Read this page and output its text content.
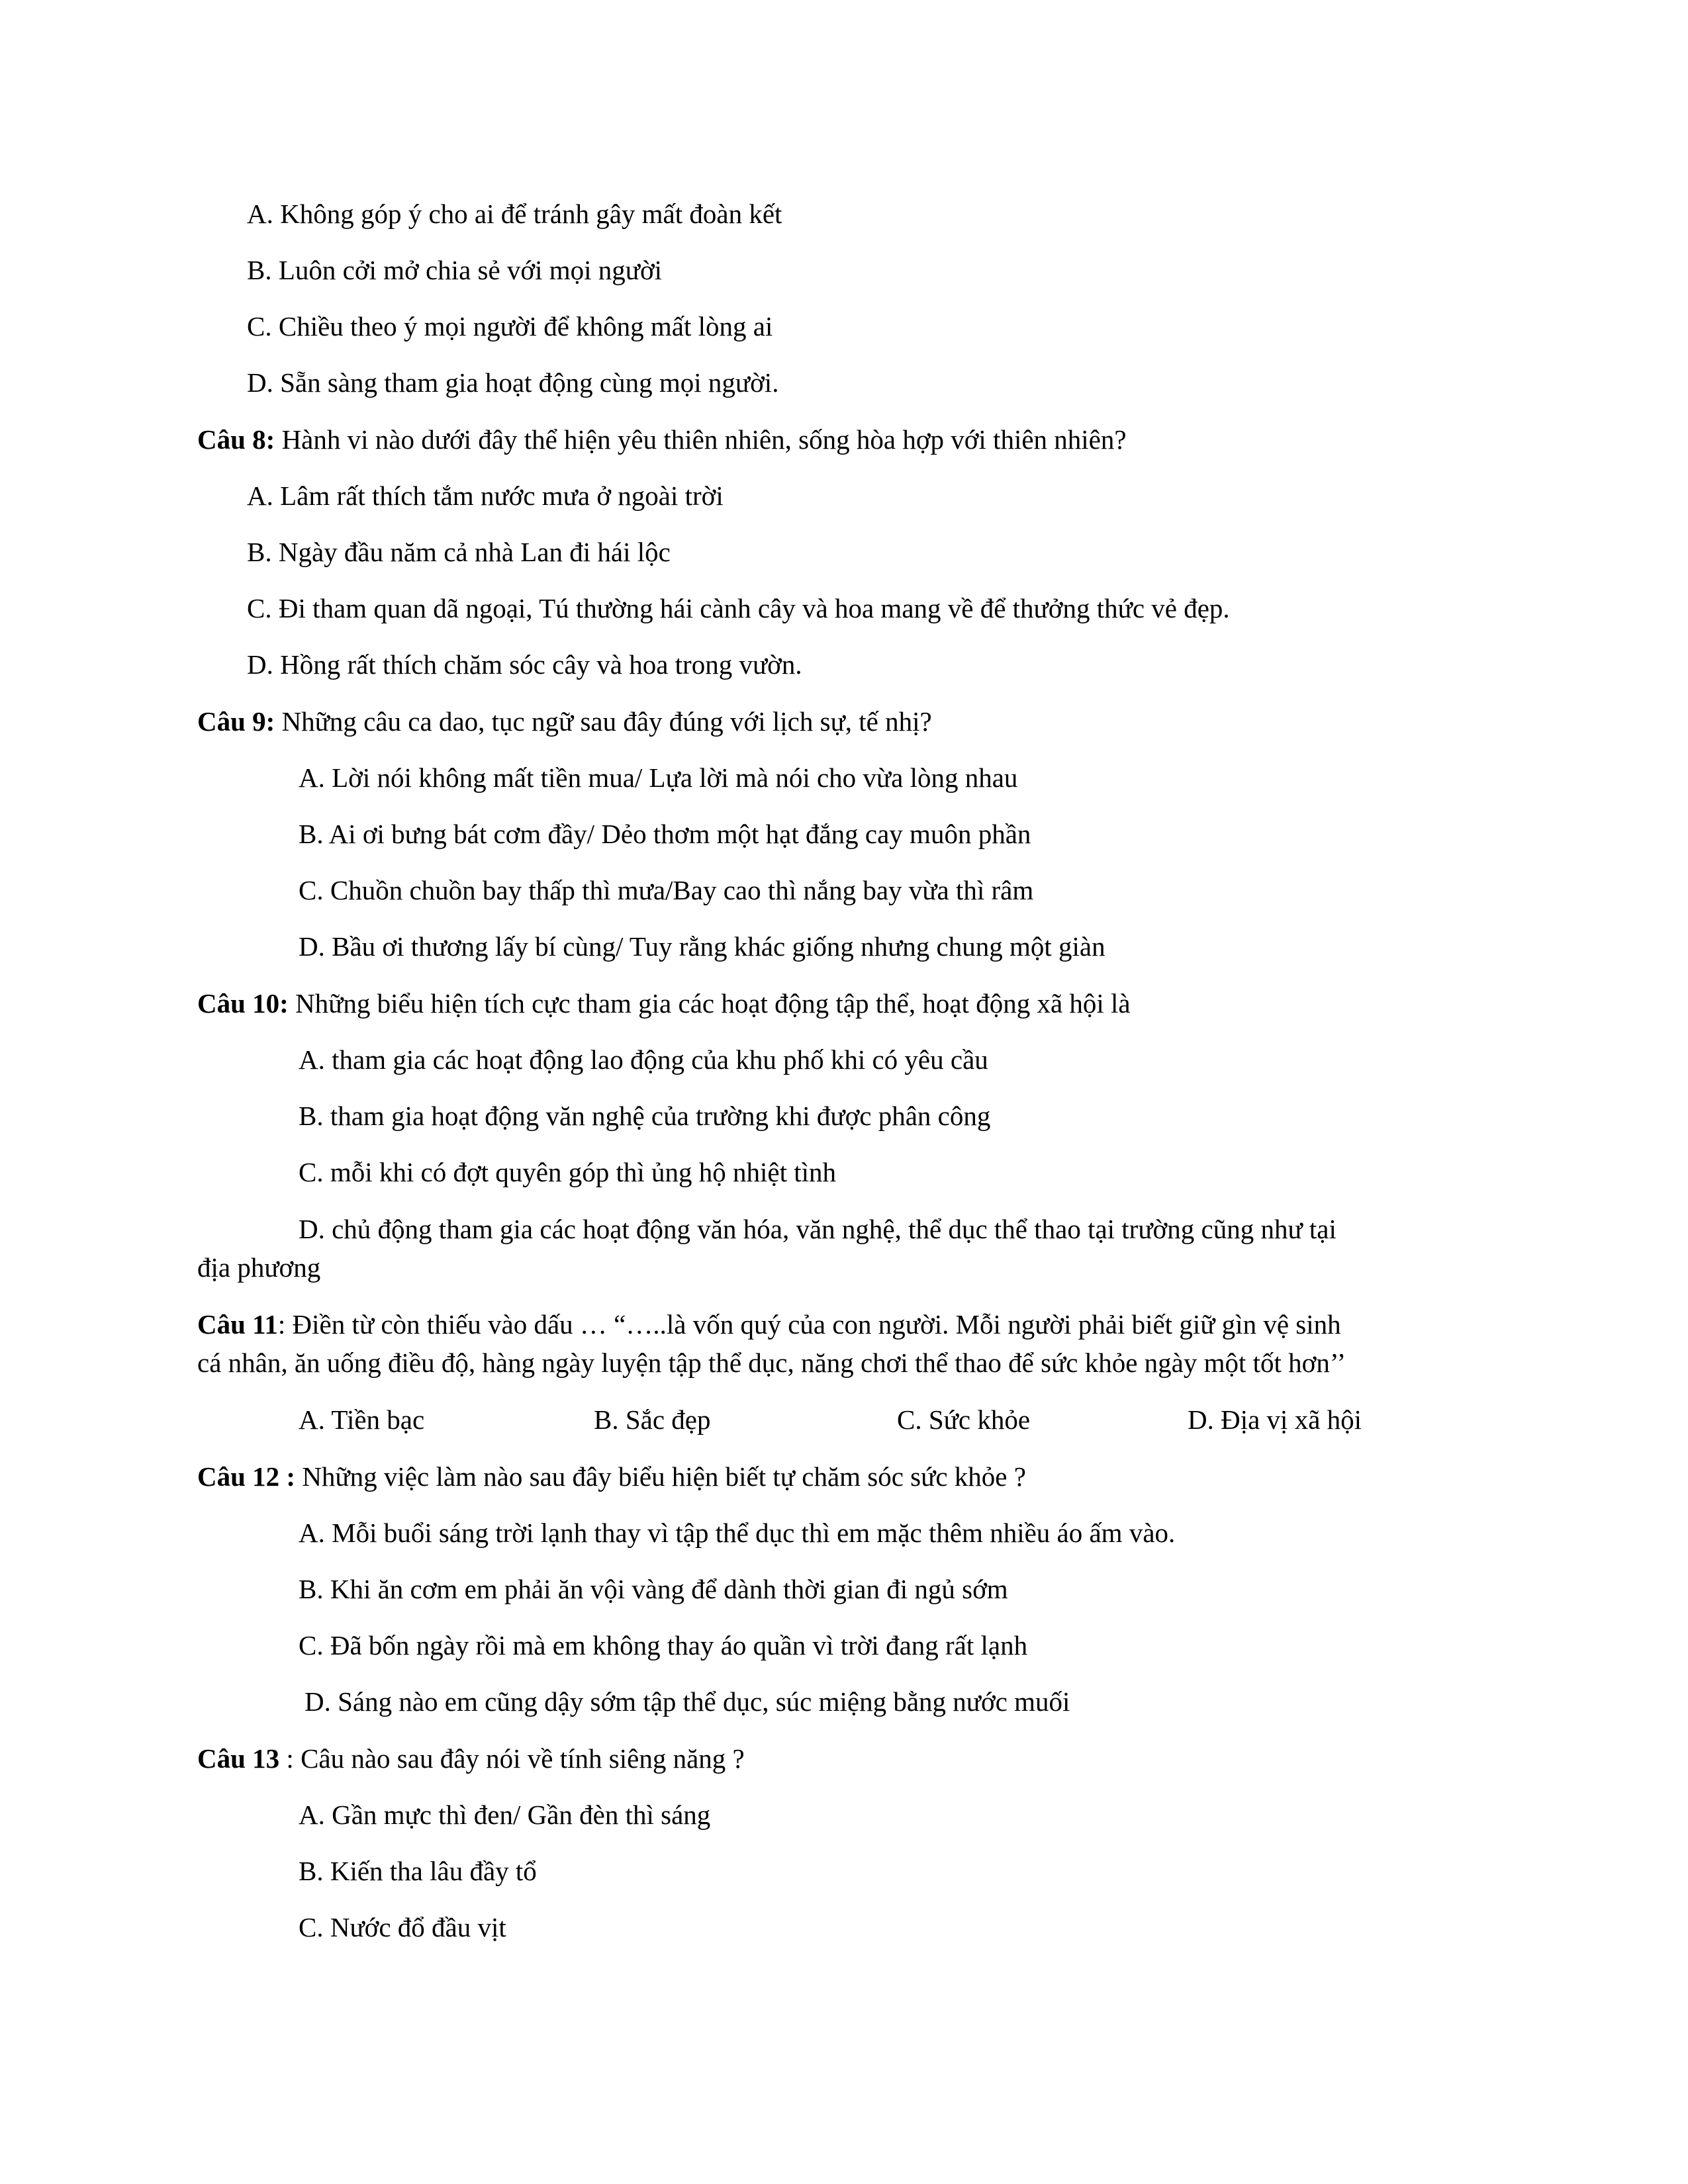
A. Không góp ý cho ai để tránh gây mất đoàn kết
B. Luôn cởi mở chia sẻ với mọi người
C. Chiều theo ý mọi người để không mất lòng ai
D. Sẵn sàng tham gia hoạt động cùng mọi người.
Câu 8: Hành vi nào dưới đây thể hiện yêu thiên nhiên, sống hòa hợp với thiên nhiên?
A. Lâm rất thích tắm nước mưa ở ngoài trời
B. Ngày đầu năm cả nhà Lan đi hái lộc
C. Đi tham quan dã ngoại, Tú thường hái cành cây và hoa mang về để thưởng thức vẻ đẹp.
D. Hồng rất thích chăm sóc cây và hoa trong vườn.
Câu 9: Những câu ca dao, tục ngữ sau đây đúng với lịch sự, tế nhị?
A. Lời nói không mất tiền mua/ Lựa lời mà nói cho vừa lòng nhau
B. Ai ơi bưng bát cơm đầy/ Dẻo thơm một hạt đắng cay muôn phần
C. Chuồn chuồn bay thấp thì mưa/Bay cao thì nắng bay vừa thì râm
D. Bầu ơi thương lấy bí cùng/ Tuy rằng khác giống nhưng chung một giàn
Câu 10: Những biểu hiện tích cực tham gia các hoạt động tập thể, hoạt động xã hội là
A. tham gia các hoạt động lao động của khu phố khi có yêu cầu
B. tham gia hoạt động văn nghệ của trường khi được phân công
C. mỗi khi có đợt quyên góp thì ủng hộ nhiệt tình
D. chủ động tham gia các hoạt động văn hóa, văn nghệ, thể dục thể thao tại trường cũng như tại
địa phương
Câu 11: Điền từ còn thiếu vào dấu … “…..là vốn quý của con người. Mỗi người phải biết giữ gìn vệ sinh
cá nhân, ăn uống điều độ, hàng ngày luyện tập thể dục, năng chơi thể thao để sức khỏe ngày một tốt hơn’’
A. Tiền bạc	B. Sắc đẹp	C. Sức khỏe	D. Địa vị xã hội
Câu 12 : Những việc làm nào sau đây biểu hiện biết tự chăm sóc sức khỏe ?
A. Mỗi buổi sáng trời lạnh thay vì tập thể dục thì em mặc thêm nhiều áo ấm vào.
B. Khi ăn cơm em phải ăn vội vàng để dành thời gian đi ngủ sớm
C. Đã bốn ngày rồi mà em không thay áo quần vì trời đang rất lạnh
D. Sáng nào em cũng dậy sớm tập thể dục, súc miệng bằng nước muối
Câu 13 : Câu nào sau đây nói về tính siêng năng ?
A. Gần mực thì đen/ Gần đèn thì sáng
B. Kiến tha lâu đầy tổ
C. Nước đổ đầu vịt
